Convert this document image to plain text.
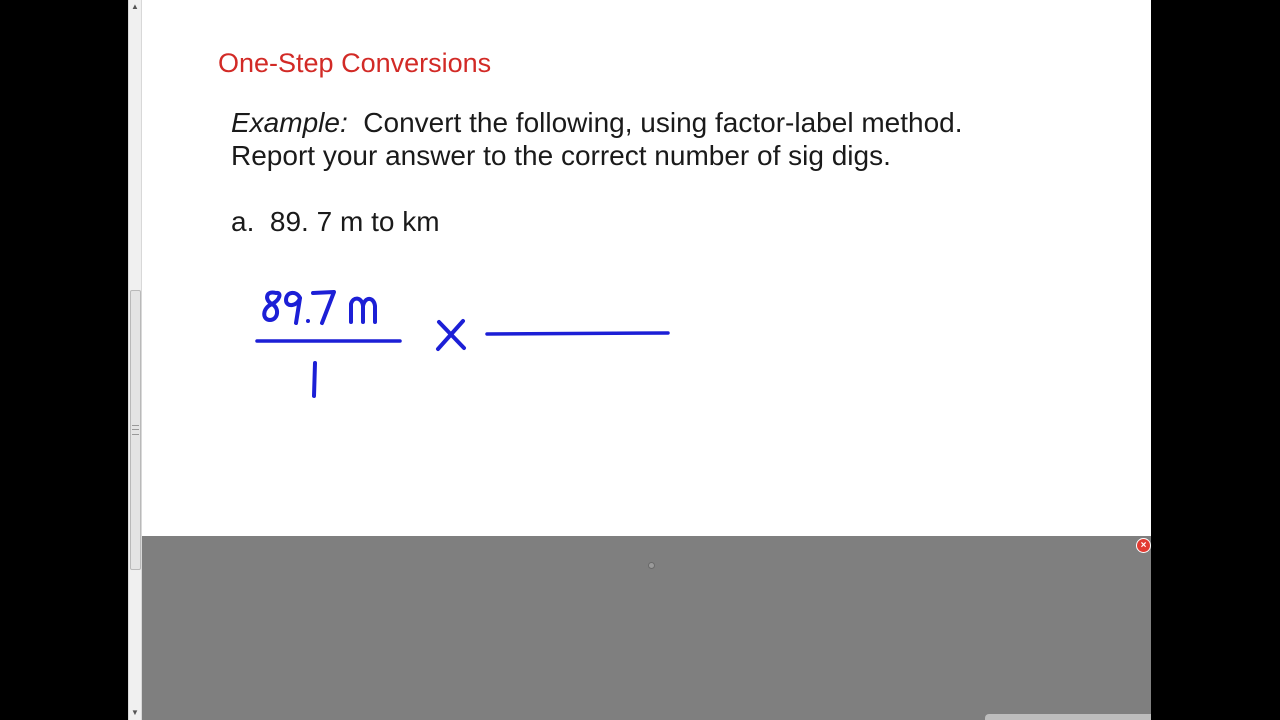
▲
▼
One-Step Conversions
Example:  Convert the following, using factor-label method.
Report your answer to the correct number of sig digs.
a.  89. 7 m to km
×
